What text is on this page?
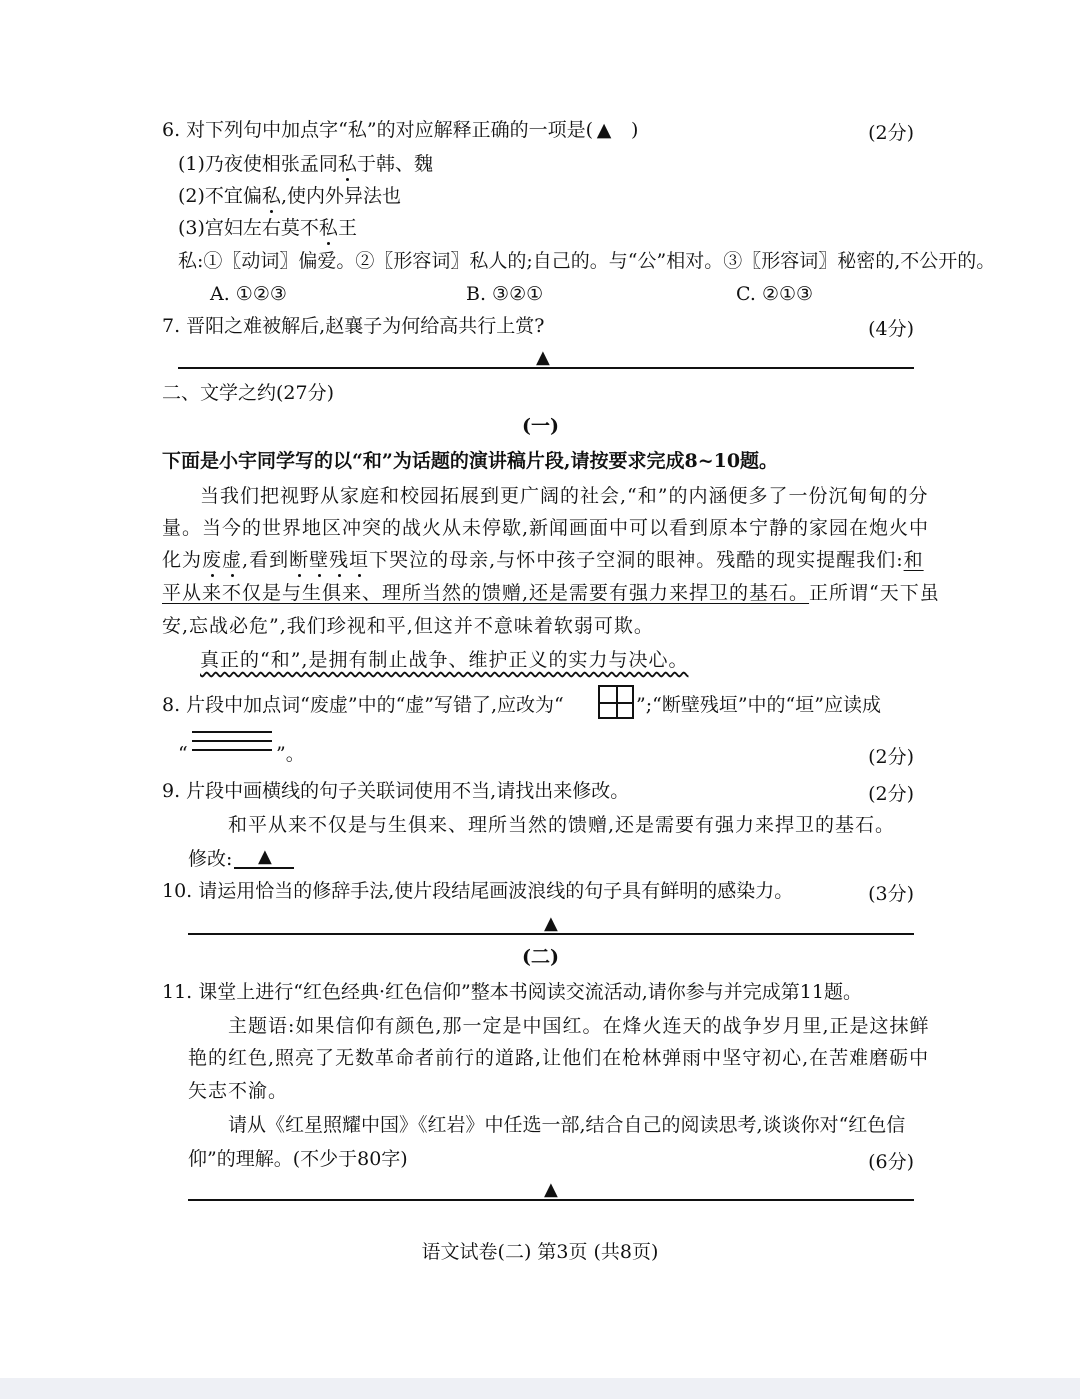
6. 对下列句中加点字“私”的对应解释正确的一项是( ▲ )	(2分)
(1)乃夜使相张孟同私于韩、魏
(2)不宜偏私,使内外异法也
(3)宫妇左右莫不私王
私:①〖动词〗偏爱。②〖形容词〗私人的;自己的。与“公”相对。③〖形容词〗秘密的,不公开的。
A. ①②③	B. ③②①	C. ②①③
7. 晋阳之难被解后,赵襄子为何给高共行上赏?	(4分)
▲
二、文学之约(27分)
(一)
下面是小宇同学写的以“和”为话题的演讲稿片段,请按要求完成8~10题。
当我们把视野从家庭和校园拓展到更广阔的社会,“和”的内涵便多了一份沉甸甸的分
量。当今的世界地区冲突的战火从未停歇,新闻画面中可以看到原本宁静的家园在炮火中
化为废虚,看到断壁残垣下哭泣的母亲,与怀中孩子空洞的眼神。残酷的现实提醒我们:和
平从来不仅是与生俱来、理所当然的馈赠,还是需要有强力来捍卫的基石。正所谓“天下虽
安,忘战必危”,我们珍视和平,但这并不意味着软弱可欺。
真正的“和”,是拥有制止战争、维护正义的实力与决心。
8. 片段中加点词“废虚”中的“虚”写错了,应改为“	”;“断壁残垣”中的“垣”应读成
“	”。	(2分)
9. 片段中画横线的句子关联词使用不当,请找出来修改。	(2分)
和平从来不仅是与生俱来、理所当然的馈赠,还是需要有强力来捍卫的基石。
修改: ▲
10. 请运用恰当的修辞手法,使片段结尾画波浪线的句子具有鲜明的感染力。	(3分)
▲
(二)
11. 课堂上进行“红色经典·红色信仰”整本书阅读交流活动,请你参与并完成第11题。
主题语:如果信仰有颜色,那一定是中国红。在烽火连天的战争岁月里,正是这抹鲜
艳的红色,照亮了无数革命者前行的道路,让他们在枪林弹雨中坚守初心,在苦难磨砺中
矢志不渝。
请从《红星照耀中国》《红岩》中任选一部,结合自己的阅读思考,谈谈你对“红色信
仰”的理解。(不少于80字)	(6分)
▲
语文试卷(二) 第3页 (共8页)
